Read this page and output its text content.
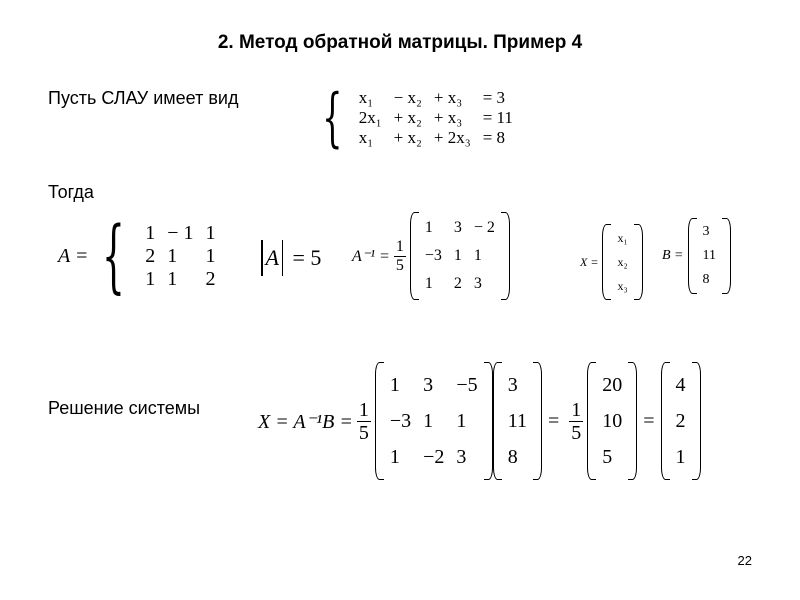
2. Метод обратной матрицы. Пример 4
Пусть СЛАУ имеет вид { x₁	− x₂	+ x₃	= 3
2x₁	+ x₂	+ x₃	= 11
x₁	+ x₂	+ 2x₃	= 8
Тогда
A = { 1	− 1	1
2	1	1
1	1	2
A = 5 $A^{-1} = \frac{1}{5}$
1	3	− 2
−3	1	1
1	2	3
X =
x₁
x₂
x₃
B =
3
11
8
Решение системы
$X = A^{-1}B = \frac{1}{5}$
1	3	−5
−3	1	1
1	−2	3
3
11
8
= $\frac{1}{5}$
20
10
5
=
4
2
1
22
